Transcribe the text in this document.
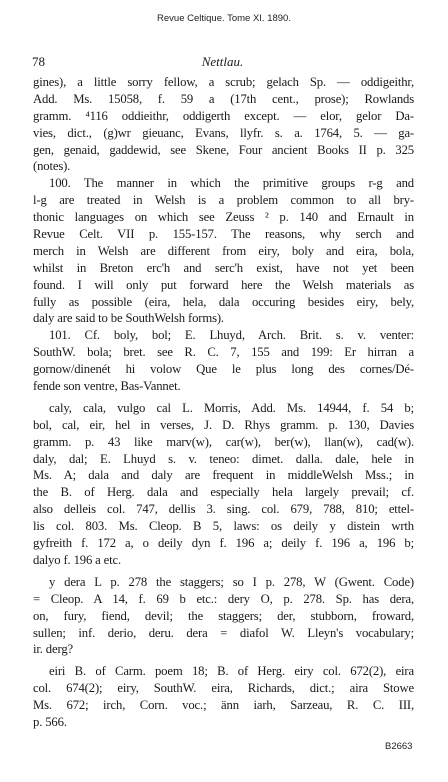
Revue Celtique. Tome XI. 1890.
78	Nettlau.
gines), a little sorry fellow, a scrub; gelach Sp. — oddigeithr,
Add. Ms. 15058, f. 59 a (17th cent., prose); Rowlands
gramm. ⁴116 oddieithr, oddigerth except. — elor, gelor Da-
vies, dict., (g)wr gieuanc, Evans, llyfr. s. a. 1764, 5. — ga-
gen, genaid, gaddewid, see Skene, Four ancient Books II p. 325
(notes).
100. The manner in which the primitive groups r-g and
l-g are treated in Welsh is a problem common to all bry-
thonic languages on which see Zeuss ² p. 140 and Ernault in
Revue Celt. VII p. 155-157. The reasons, why serch and
merch in Welsh are different from eiry, boly and eira, bola,
whilst in Breton erc'h and serc'h exist, have not yet been
found. I will only put forward here the Welsh materials as
fully as possible (eira, hela, dala occuring besides eiry, bely,
daly are said to be SouthWelsh forms).
101. Cf. boly, bol; E. Lhuyd, Arch. Brit. s. v. venter:
SouthW. bola; bret. see R. C. 7, 155 and 199: Er hirran a
gornow/dinenét hi volow Que le plus long des cornes/Dé-
fende son ventre, Bas-Vannet.
caly, cala, vulgo cal L. Morris, Add. Ms. 14944, f. 54 b;
bol, cal, eir, hel in verses, J. D. Rhys gramm. p. 130, Davies
gramm. p. 43 like marv(w), car(w), ber(w), llan(w), cad(w).
daly, dal; E. Lhuyd s. v. teneo: dimet. dalla. dale, hele in
Ms. A; dala and daly are frequent in middleWelsh Mss.; in
the B. of Herg. dala and especially hela largely prevail; cf.
also delleis col. 747, dellis 3. sing. col. 679, 788, 810; ettel-
lis col. 803. Ms. Cleop. B 5, laws: os deily y distein wrth
gyfreith f. 172 a, o deily dyn f. 196 a; deily f. 196 a, 196 b;
dalyo f. 196 a etc.
y dera L p. 278 the staggers; so I p. 278, W (Gwent. Code)
= Cleop. A 14, f. 69 b etc.: dery O, p. 278. Sp. has dera,
on, fury, fiend, devil; the staggers; der, stubborn, froward,
sullen; inf. derio, deru. dera = diafol W. Lleyn's vocabulary;
ir. derg?
eiri B. of Carm. poem 18; B. of Herg. eiry col. 672(2), eira
col. 674(2); eiry, SouthW. eira, Richards, dict.; aira Stowe
Ms. 672; irch, Corn. voc.; änn iarh, Sarzeau, R. C. III,
p. 566.
B2663
